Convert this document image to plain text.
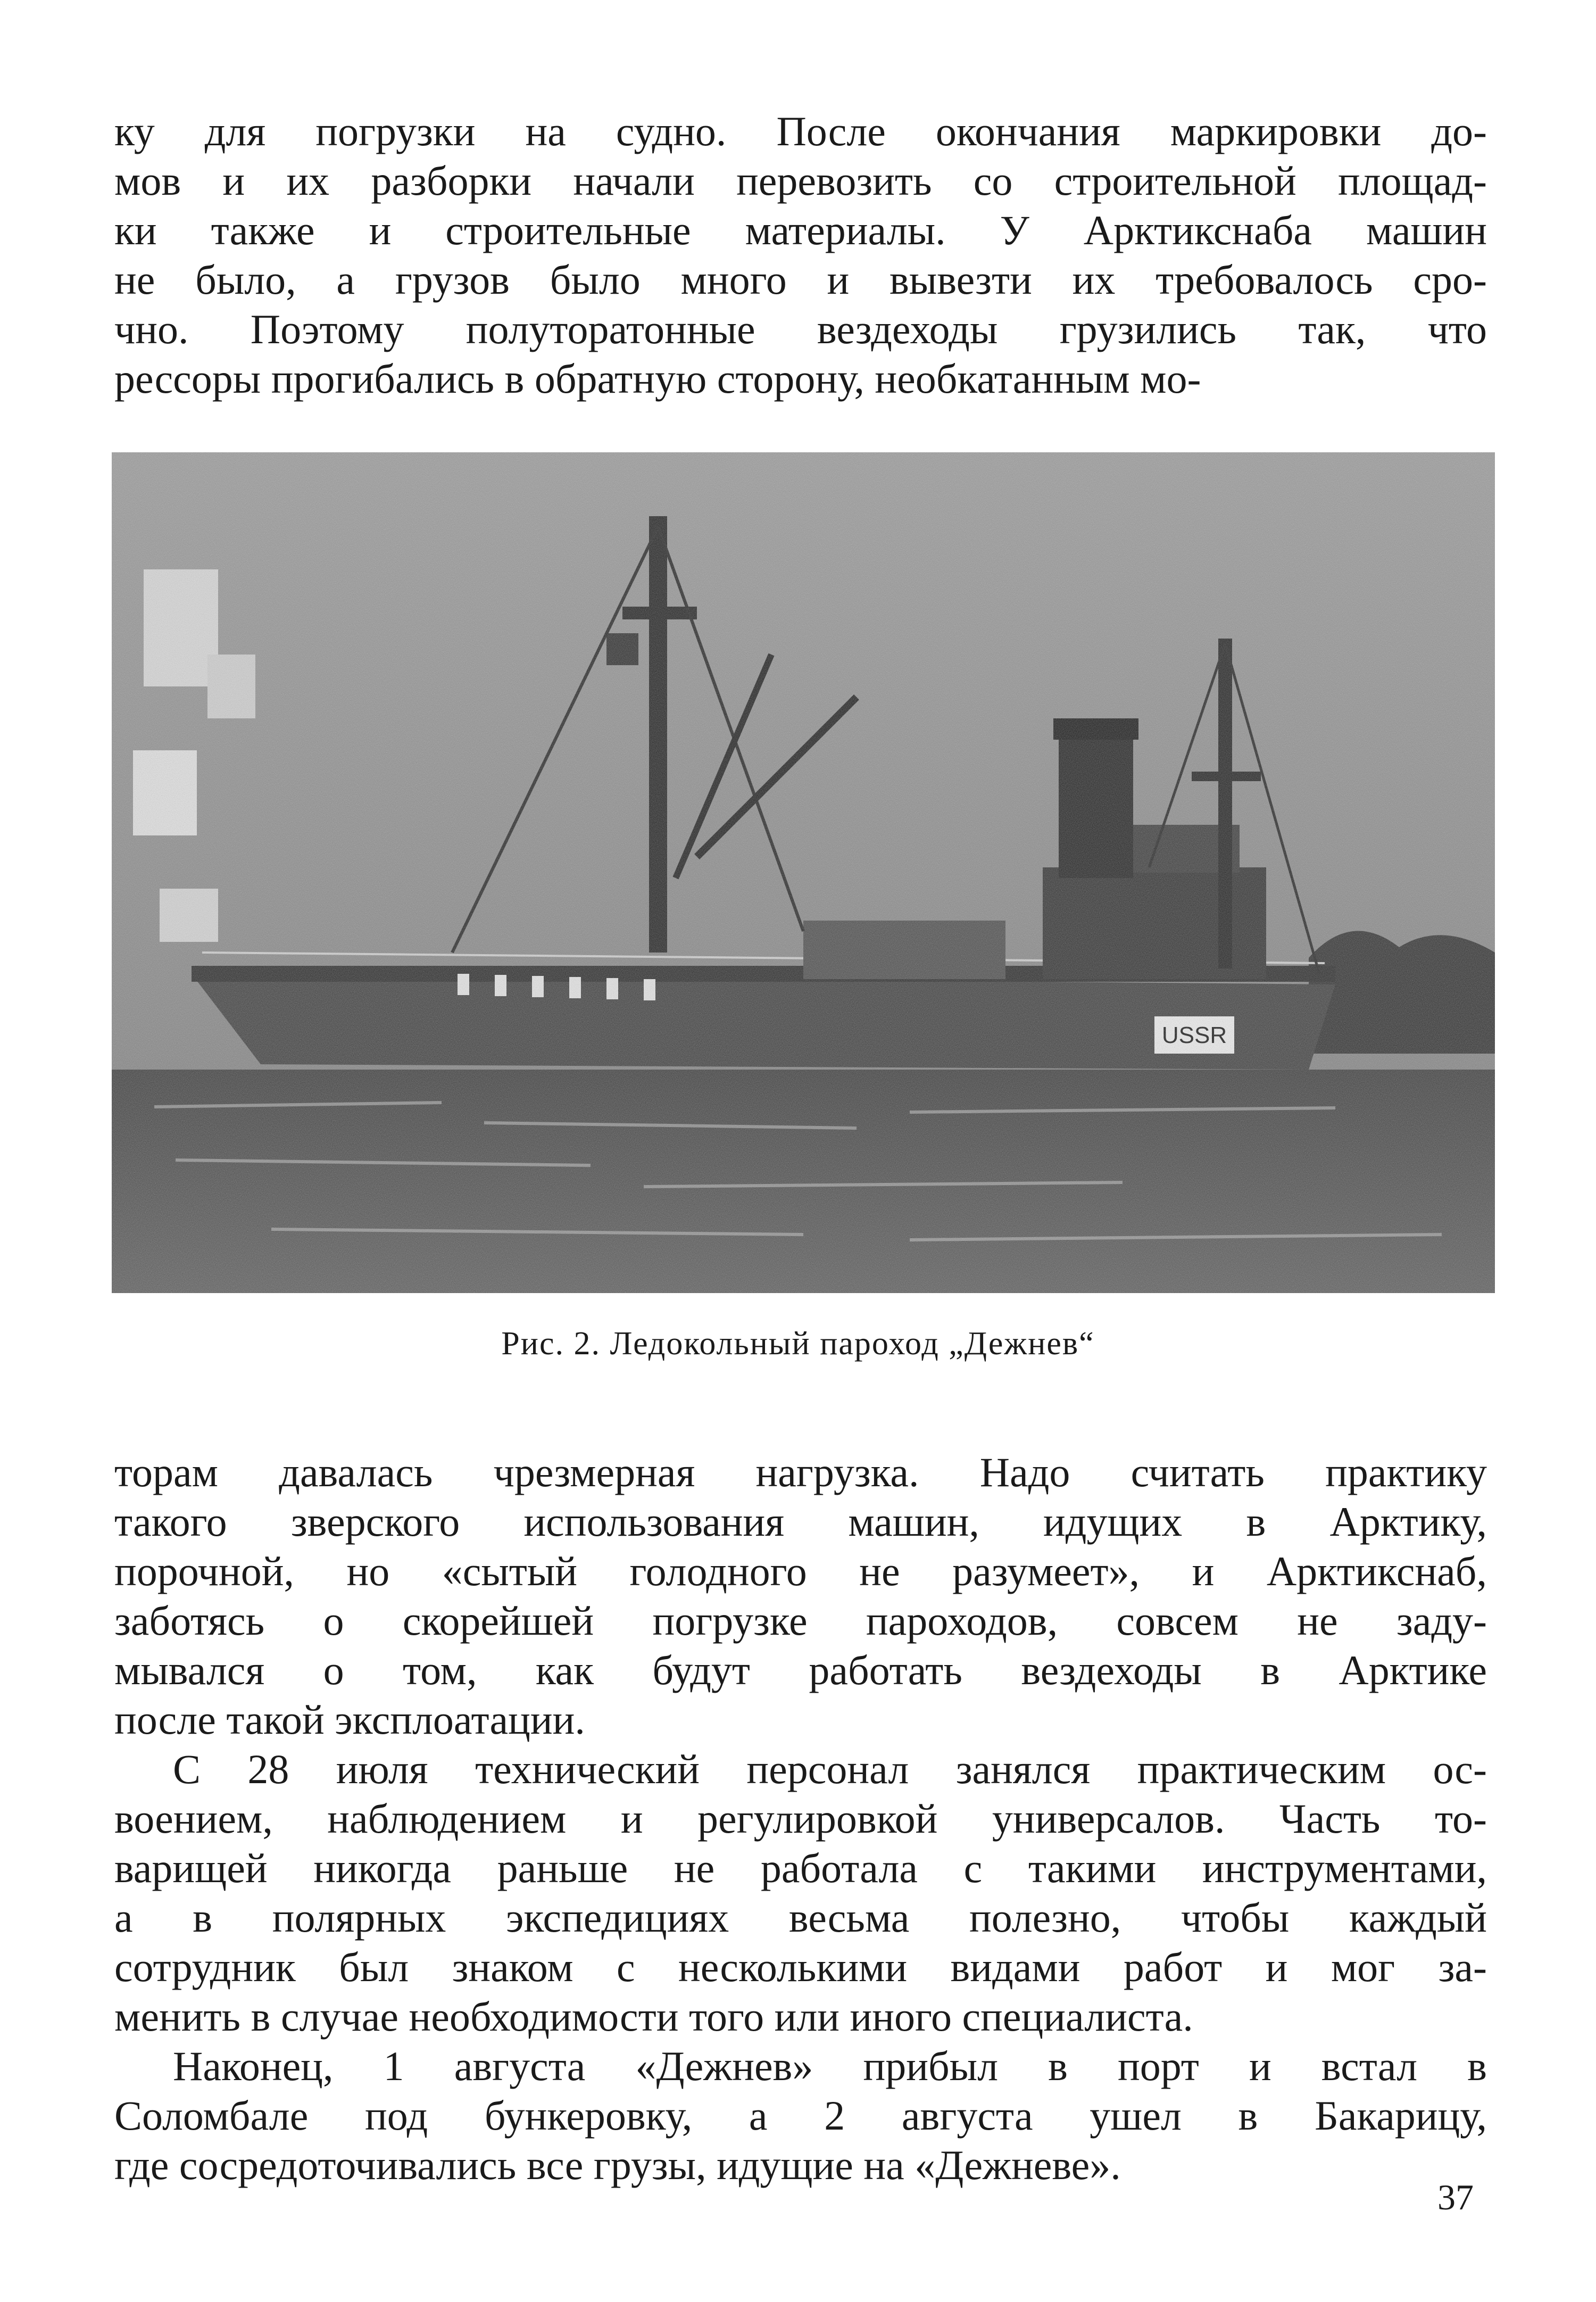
ку для погрузки на судно. После окончания маркировки до-
мов и их разборки начали перевозить со строительной площад-
ки также и строительные материалы. У Арктикснаба машин
не было, а грузов было много и вывезти их требовалось сро-
чно. Поэтому полуторатонные вездеходы грузились так, что
рессоры прогибались в обратную сторону, необкатанным мо-
Рис. 2. Ледокольный пароход „Дежнев“
торам давалась чрезмерная нагрузка. Надо считать практику
такого зверского использования машин, идущих в Арктику,
порочной, но «сытый голодного не разумеет», и Арктикснаб,
заботясь о скорейшей погрузке пароходов, совсем не заду-
мывался о том, как будут работать вездеходы в Арктике
после такой эксплоатации.
С 28 июля технический персонал занялся практическим ос-
воением, наблюдением и регулировкой универсалов. Часть то-
варищей никогда раньше не работала с такими инструментами,
а в полярных экспедициях весьма полезно, чтобы каждый
сотрудник был знаком с несколькими видами работ и мог за-
менить в случае необходимости того или иного специалиста.
Наконец, 1 августа «Дежнев» прибыл в порт и встал в
Соломбале под бункеровку, а 2 августа ушел в Бакарицу,
где сосредоточивались все грузы, идущие на «Дежневе».
37
